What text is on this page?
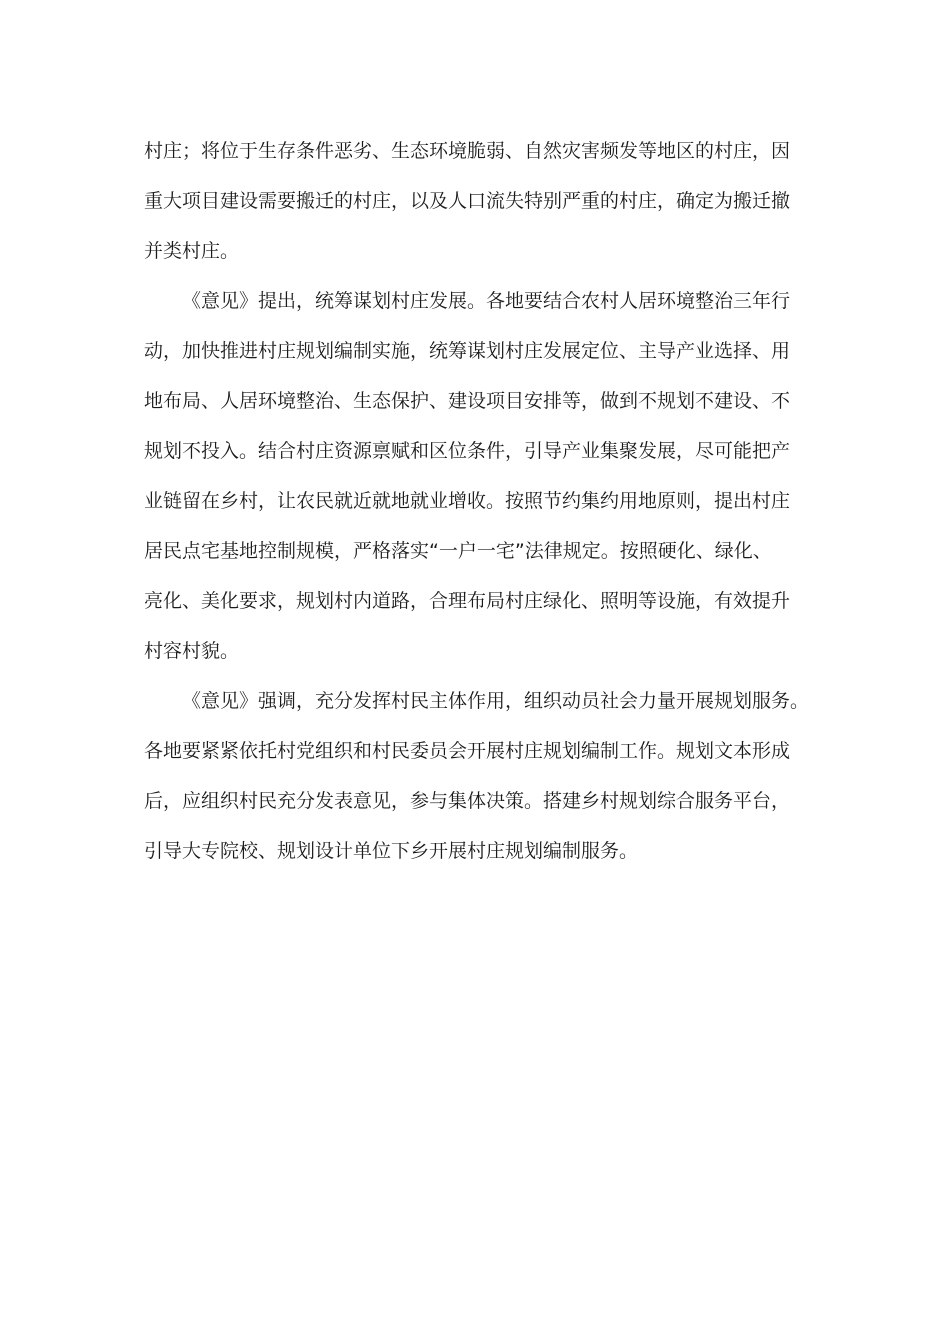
村庄；将位于生存条件恶劣、生态环境脆弱、自然灾害频发等地区的村庄，因
重大项目建设需要搬迁的村庄，以及人口流失特别严重的村庄，确定为搬迁撤
并类村庄。
《意见》提出，统筹谋划村庄发展。各地要结合农村人居环境整治三年行
动，加快推进村庄规划编制实施，统筹谋划村庄发展定位、主导产业选择、用
地布局、人居环境整治、生态保护、建设项目安排等，做到不规划不建设、不
规划不投入。结合村庄资源禀赋和区位条件，引导产业集聚发展，尽可能把产
业链留在乡村，让农民就近就地就业增收。按照节约集约用地原则，提出村庄
居民点宅基地控制规模，严格落实“一户一宅”法律规定。按照硬化、绿化、
亮化、美化要求，规划村内道路，合理布局村庄绿化、照明等设施，有效提升
村容村貌。
《意见》强调，充分发挥村民主体作用，组织动员社会力量开展规划服务。
各地要紧紧依托村党组织和村民委员会开展村庄规划编制工作。规划文本形成
后，应组织村民充分发表意见，参与集体决策。搭建乡村规划综合服务平台，
引导大专院校、规划设计单位下乡开展村庄规划编制服务。
